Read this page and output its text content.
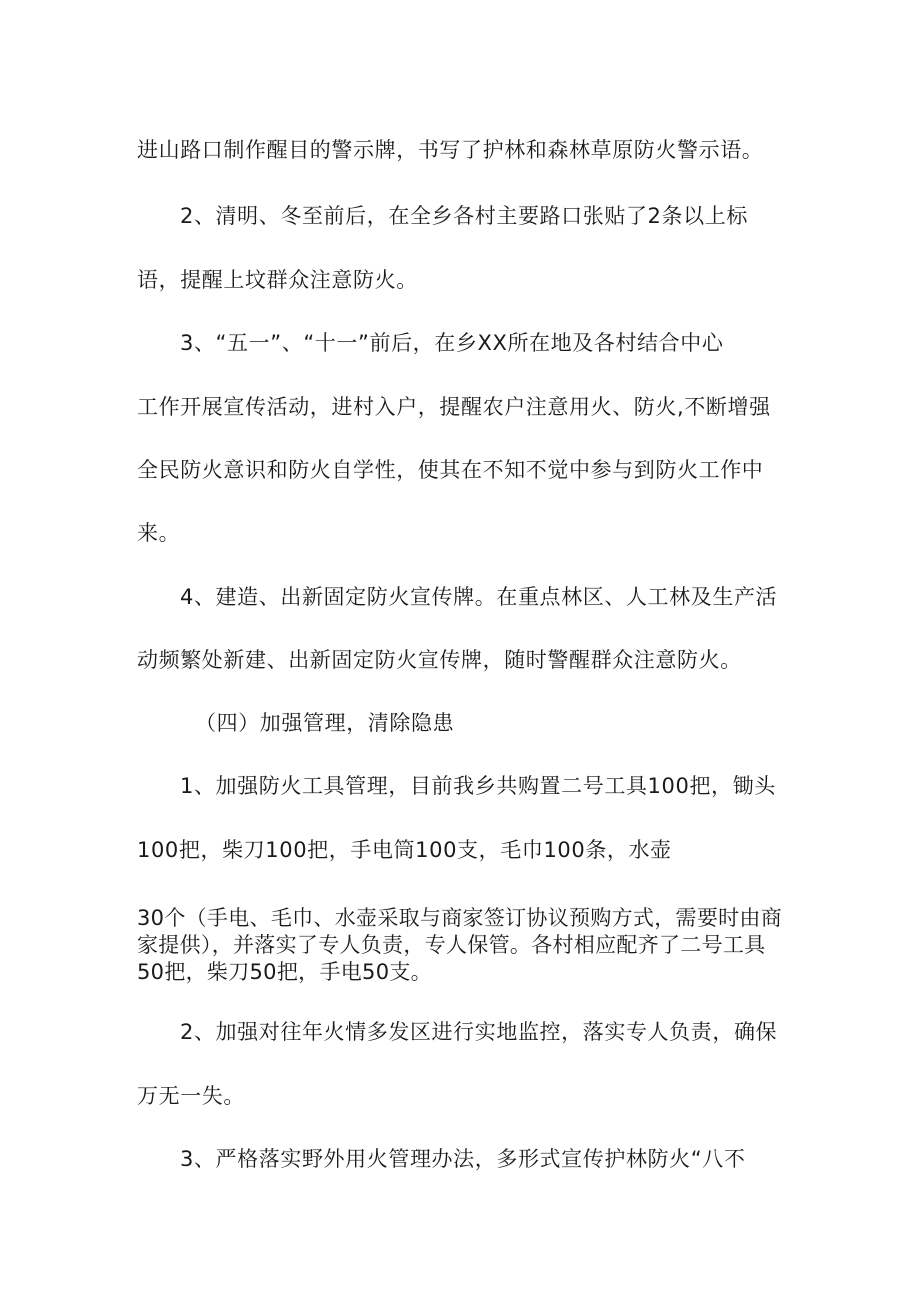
进山路口制作醒目的警示牌，书写了护林和森林草原防火警示语。
2、清明、冬至前后，在全乡各村主要路口张贴了2条以上标
语，提醒上坟群众注意防火。
3、“五一”、“十一”前后，在乡XX所在地及各村结合中心
工作开展宣传活动，进村入户，提醒农户注意用火、防火,不断增强
全民防火意识和防火自学性，使其在不知不觉中参与到防火工作中
来。
4、建造、出新固定防火宣传牌。在重点林区、人工林及生产活
动频繁处新建、出新固定防火宣传牌，随时警醒群众注意防火。
（四）加强管理，清除隐患
1、加强防火工具管理，目前我乡共购置二号工具100把，锄头
100把，柴刀100把，手电筒100支，毛巾100条，水壶
30个（手电、毛巾、水壶采取与商家签订协议预购方式，需要时由商
家提供），并落实了专人负责，专人保管。各村相应配齐了二号工具
50把，柴刀50把，手电50支。
2、加强对往年火情多发区进行实地监控，落实专人负责，确保
万无一失。
3、严格落实野外用火管理办法，多形式宣传护林防火“八不
